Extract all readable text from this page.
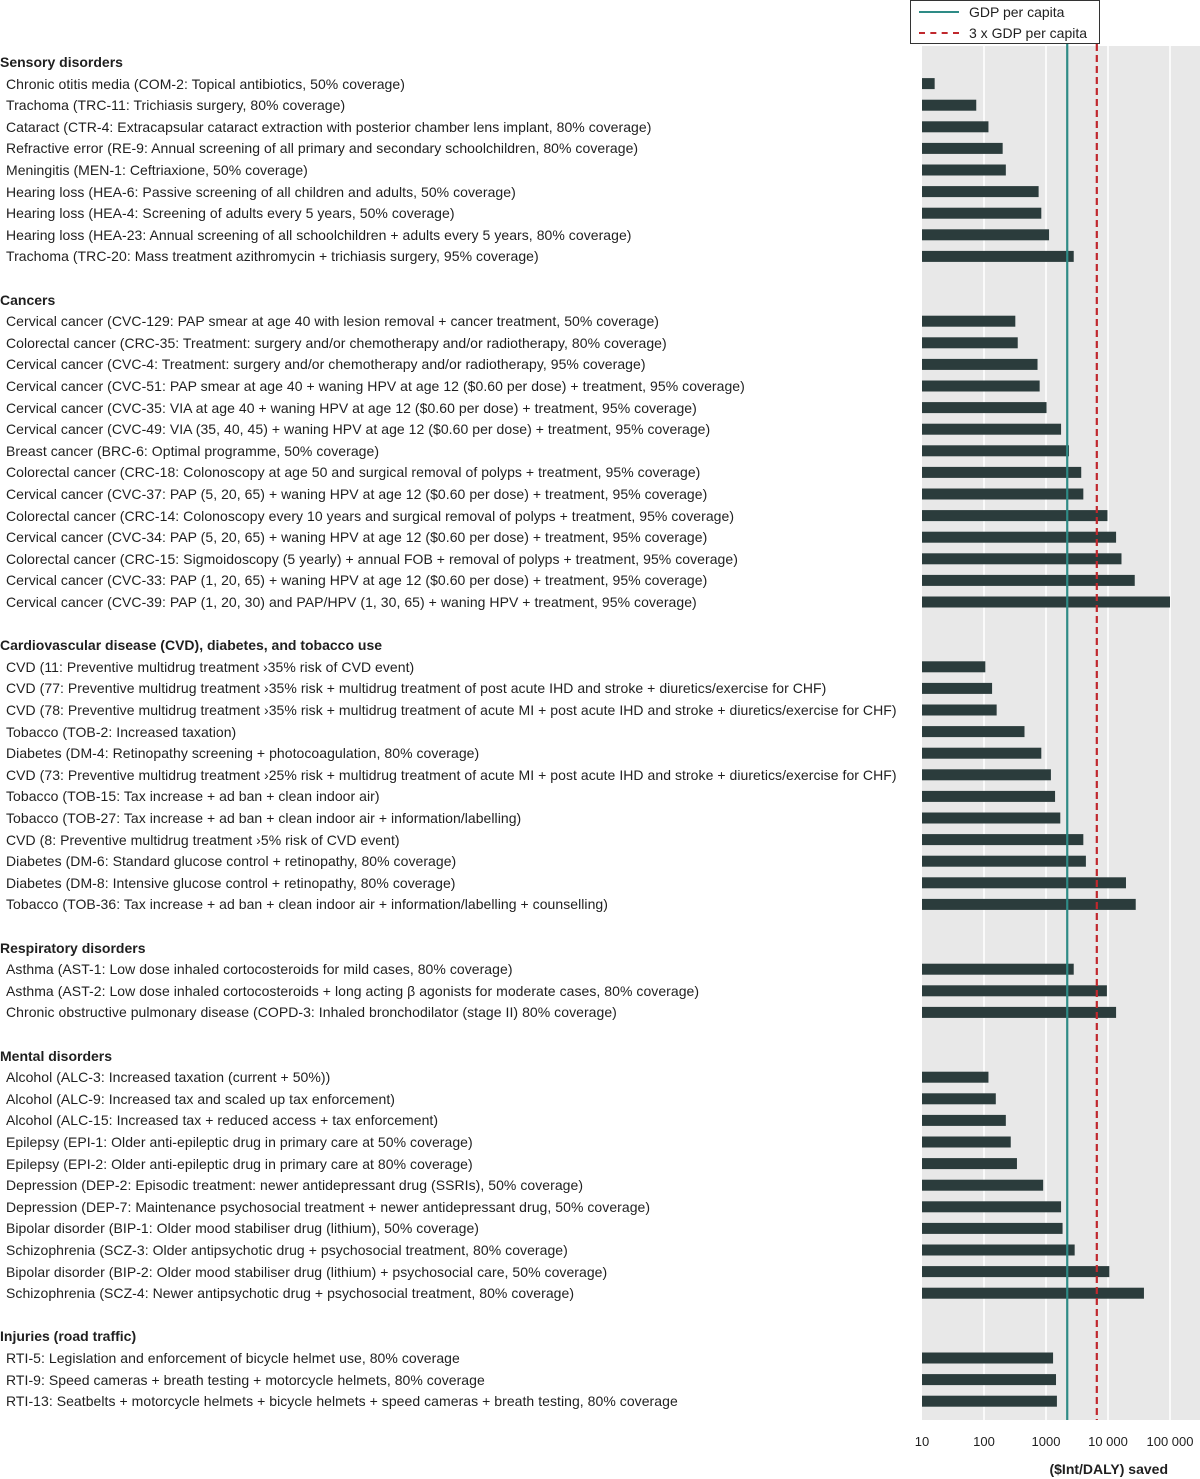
10	100	1000 10 000 100 000
($Int/DALY) saved
Sensory disorders
Chronic otitis media (COM-2: Topical antibiotics, 50% coverage)
Trachoma (TRC-11: Trichiasis surgery, 80% coverage)
Cataract (CTR-4: Extracapsular cataract extraction with posterior chamber lens implant, 80% coverage)
Refractive error (RE-9: Annual screening of all primary and secondary schoolchildren, 80% coverage)
Meningitis (MEN-1: Ceftriaxione, 50% coverage)
Hearing loss (HEA-6: Passive screening of all children and adults, 50% coverage)
Hearing loss (HEA-4: Screening of adults every 5 years, 50% coverage)
Hearing loss (HEA-23: Annual screening of all schoolchildren + adults every 5 years, 80% coverage)
Trachoma (TRC-20: Mass treatment azithromycin + trichiasis surgery, 95% coverage)
Cancers
Cervical cancer (CVC-129: PAP smear at age 40 with lesion removal + cancer treatment, 50% coverage)
Colorectal cancer (CRC-35: Treatment: surgery and/or chemotherapy and/or radiotherapy, 80% coverage)
Cervical cancer (CVC-4: Treatment: surgery and/or chemotherapy and/or radiotherapy, 95% coverage)
Cervical cancer (CVC-51: PAP smear at age 40 + waning HPV at age 12 ($0.60 per dose) + treatment, 95% coverage)
Cervical cancer (CVC-35: VIA at age 40 + waning HPV at age 12 ($0.60 per dose) + treatment, 95% coverage)
Cervical cancer (CVC-49: VIA (35, 40, 45) + waning HPV at age 12 ($0.60 per dose) + treatment, 95% coverage)
Breast cancer (BRC-6: Optimal programme, 50% coverage)
Colorectal cancer (CRC-18: Colonoscopy at age 50 and surgical removal of polyps + treatment, 95% coverage)
Cervical cancer (CVC-37: PAP (5, 20, 65) + waning HPV at age 12 ($0.60 per dose) + treatment, 95% coverage)
Colorectal cancer (CRC-14: Colonoscopy every 10 years and surgical removal of polyps + treatment, 95% coverage)
Cervical cancer (CVC-34: PAP (5, 20, 65) + waning HPV at age 12 ($0.60 per dose) + treatment, 95% coverage)
Colorectal cancer (CRC-15: Sigmoidoscopy (5 yearly) + annual FOB + removal of polyps + treatment, 95% coverage)
Cervical cancer (CVC-33: PAP (1, 20, 65) + waning HPV at age 12 ($0.60 per dose) + treatment, 95% coverage)
Cervical cancer (CVC-39: PAP (1, 20, 30) and PAP/HPV (1, 30, 65) + waning HPV + treatment, 95% coverage)
Cardiovascular disease (CVD), diabetes, and tobacco use
CVD (11: Preventive multidrug treatment ›35% risk of CVD event)
CVD (77: Preventive multidrug treatment ›35% risk + multidrug treatment of post acute IHD and stroke + diuretics/exercise for CHF)
CVD (78: Preventive multidrug treatment ›35% risk + multidrug treatment of acute MI + post acute IHD and stroke + diuretics/exercise for CHF)
Tobacco (TOB-2: Increased taxation)
Diabetes (DM-4: Retinopathy screening + photocoagulation, 80% coverage)
CVD (73: Preventive multidrug treatment ›25% risk + multidrug treatment of acute MI + post acute IHD and stroke + diuretics/exercise for CHF)
Tobacco (TOB-15: Tax increase + ad ban + clean indoor air)
Tobacco (TOB-27: Tax increase + ad ban + clean indoor air + information/labelling)
CVD (8: Preventive multidrug treatment ›5% risk of CVD event)
Diabetes (DM-6: Standard glucose control + retinopathy, 80% coverage)
Diabetes (DM-8: Intensive glucose control + retinopathy, 80% coverage)
Tobacco (TOB-36: Tax increase + ad ban + clean indoor air + information/labelling + counselling)
Respiratory disorders
Asthma (AST-1: Low dose inhaled cortocosteroids for mild cases, 80% coverage)
Asthma (AST-2: Low dose inhaled cortocosteroids + long acting β agonists for moderate cases, 80% coverage)
Chronic obstructive pulmonary disease (COPD-3: Inhaled bronchodilator (stage II) 80% coverage)
Mental disorders
Alcohol (ALC-3: Increased taxation (current + 50%))
Alcohol (ALC-9: Increased tax and scaled up tax enforcement)
Alcohol (ALC-15: Increased tax + reduced access + tax enforcement)
Epilepsy (EPI-1: Older anti-epileptic drug in primary care at 50% coverage)
Epilepsy (EPI-2: Older anti-epileptic drug in primary care at 80% coverage)
Depression (DEP-2: Episodic treatment: newer antidepressant drug (SSRIs), 50% coverage)
Depression (DEP-7: Maintenance psychosocial treatment + newer antidepressant drug, 50% coverage)
Bipolar disorder (BIP-1: Older mood stabiliser drug (lithium), 50% coverage)
Schizophrenia (SCZ-3: Older antipsychotic drug + psychosocial treatment, 80% coverage)
Bipolar disorder (BIP-2: Older mood stabiliser drug (lithium) + psychosocial care, 50% coverage)
Schizophrenia (SCZ-4: Newer antipsychotic drug + psychosocial treatment, 80% coverage)
Injuries (road traffic)
RTI-5: Legislation and enforcement of bicycle helmet use, 80% coverage
RTI-9: Speed cameras + breath testing + motorcycle helmets, 80% coverage
RTI-13: Seatbelts + motorcycle helmets + bicycle helmets + speed cameras + breath testing, 80% coverage
GDP per capita
3 x GDP per capita
